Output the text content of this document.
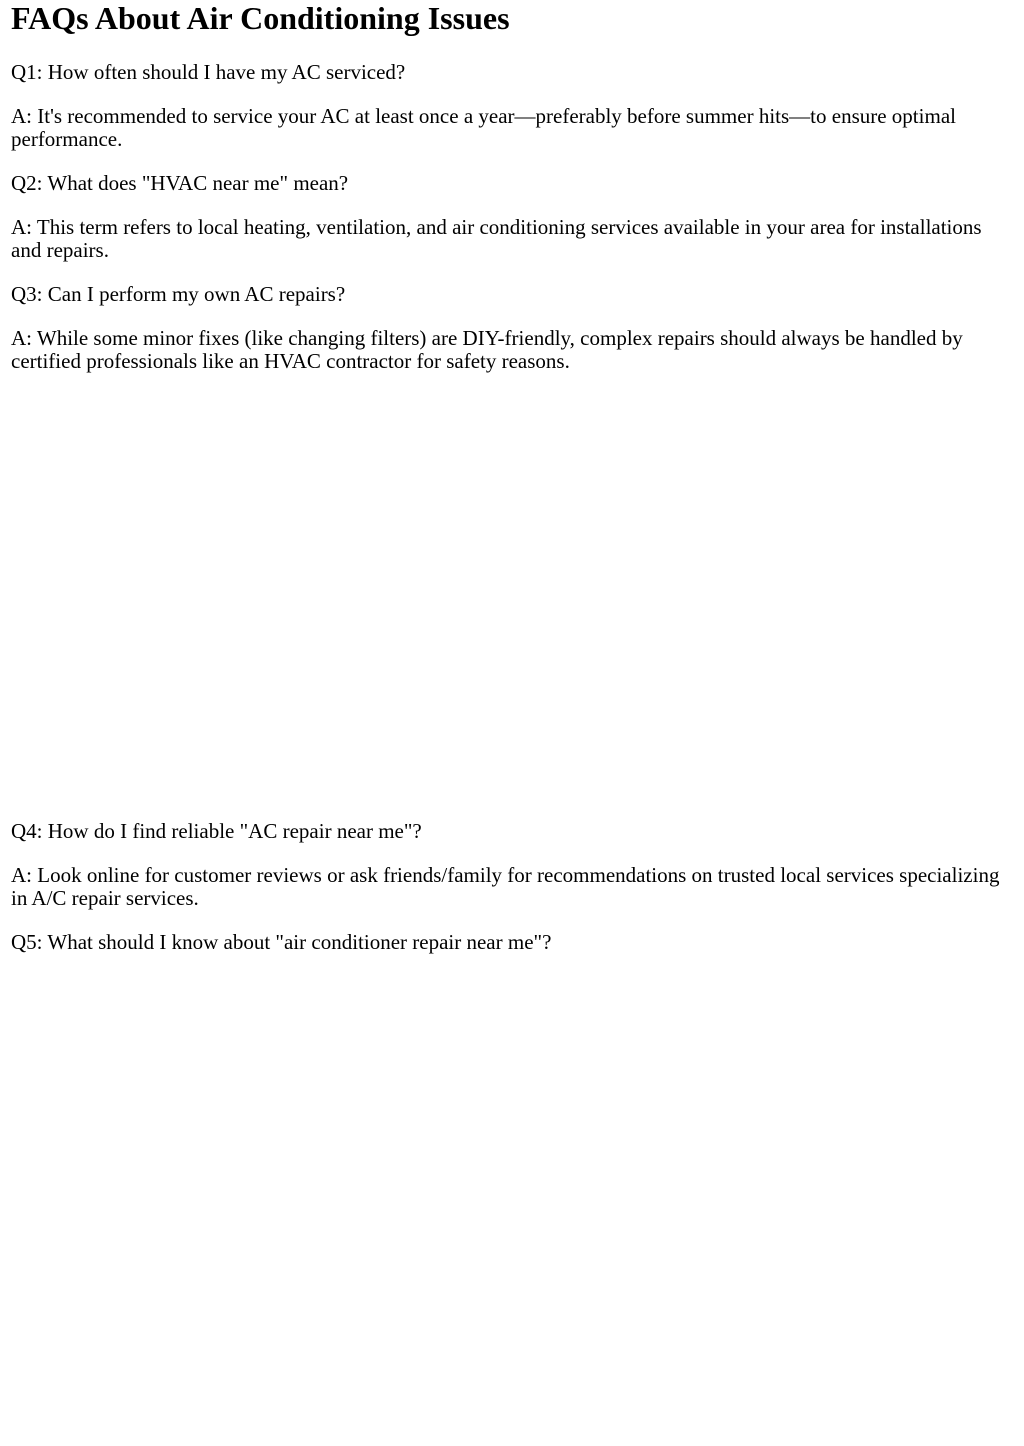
FAQs About Air Conditioning Issues

Q1: How often should I have my AC serviced?

A: It's recommended to service your AC at least once a year—preferably before summer hits—to ensure optimal performance.

Q2: What does "HVAC near me" mean?

A: This term refers to local heating, ventilation, and air conditioning services available in your area for installations and repairs.

Q3: Can I perform my own AC repairs?

A: While some minor fixes (like changing filters) are DIY-friendly, complex repairs should always be handled by certified professionals like an HVAC contractor for safety reasons.

Q4: How do I find reliable "AC repair near me"?

A: Look online for customer reviews or ask friends/family for recommendations on trusted local services specializing in A/C repair services.

Q5: What should I know about "air conditioner repair near me"?
